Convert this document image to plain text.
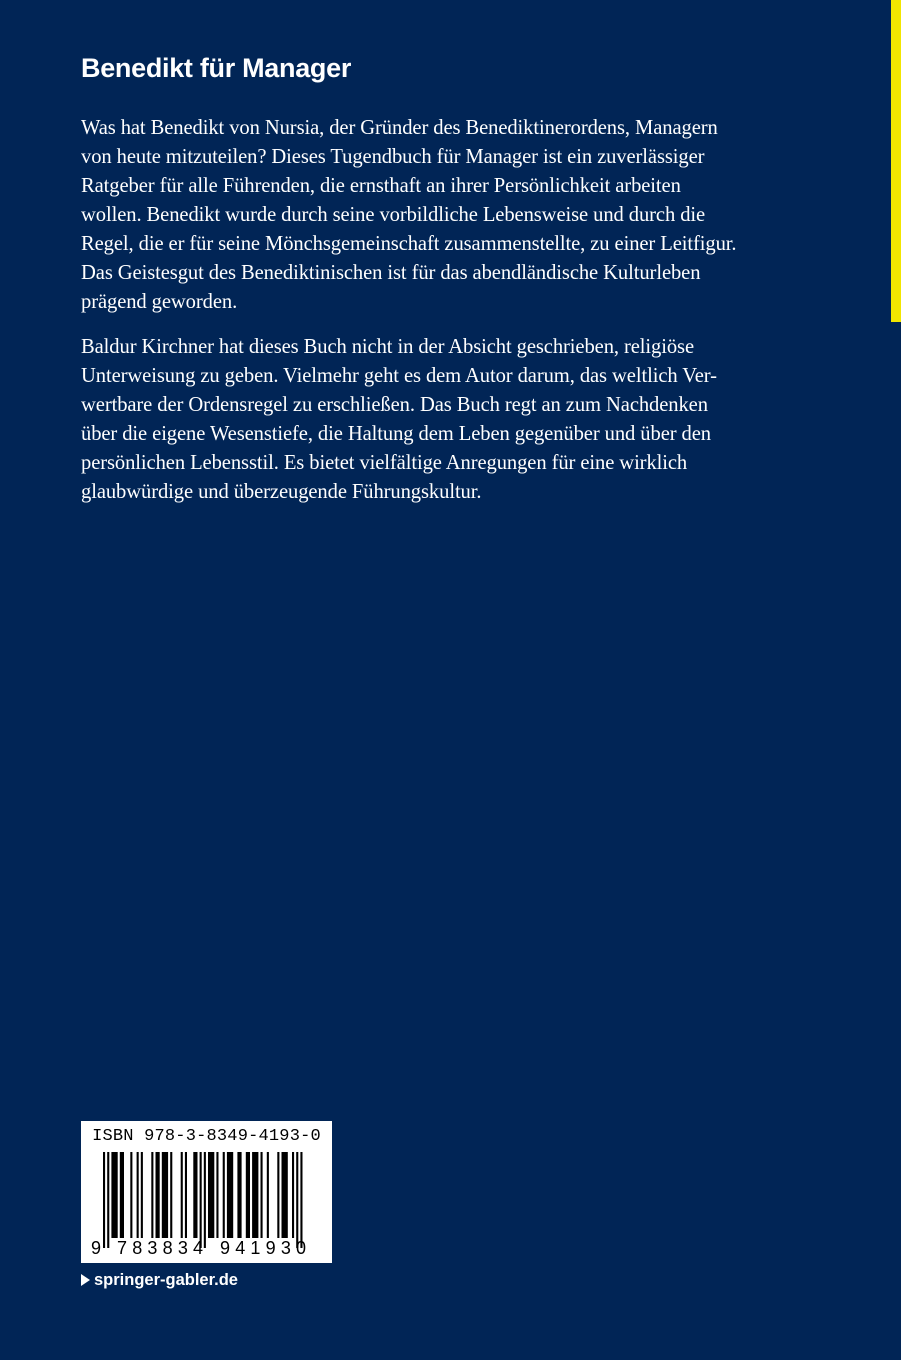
Benedikt für Manager

Was hat Benedikt von Nursia, der Gründer des Benediktinerordens, Managern
von heute mitzuteilen? Dieses Tugendbuch für Manager ist ein zuverlässiger
Ratgeber für alle Führenden, die ernsthaft an ihrer Persönlichkeit arbeiten
wollen. Benedikt wurde durch seine vorbildliche Lebensweise und durch die
Regel, die er für seine Mönchsgemeinschaft zusammenstellte, zu einer Leitfigur.
Das Geistesgut des Benediktinischen ist für das abendländische Kulturleben
prägend geworden.

Baldur Kirchner hat dieses Buch nicht in der Absicht geschrieben, religiöse
Unterweisung zu geben. Vielmehr geht es dem Autor darum, das weltlich Ver-
wertbare der Ordensregel zu erschließen. Das Buch regt an zum Nachdenken
über die eigene Wesenstiefe, die Haltung dem Leben gegenüber und über den
persönlichen Lebensstil. Es bietet vielfältige Anregungen für eine wirklich
glaubwürdige und überzeugende Führungskultur.

ISBN 978-3-8349-4193-0
9 783834 941930
springer-gabler.de
